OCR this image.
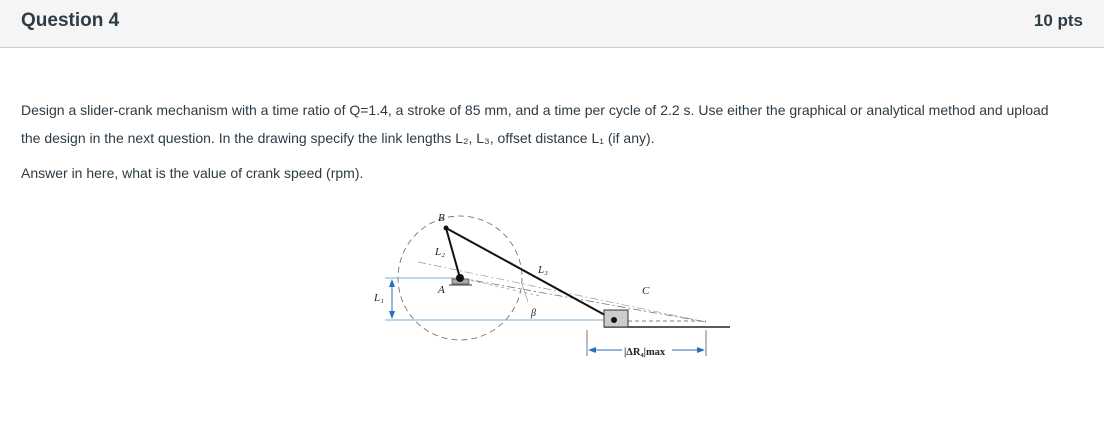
Question 4	10 pts

Design a slider-crank mechanism with a time ratio of Q=1.4, a stroke of 85 mm, and a time per cycle of 2.2 s. Use either the graphical or analytical method and upload

the design in the next question. In the drawing specify the link lengths L₂, L₃, offset distance L₁ (if any).

Answer in here, what is the value of crank speed (rpm).
B
L₂
A
L₃
C
L₁
β
|ΔR₄|max
